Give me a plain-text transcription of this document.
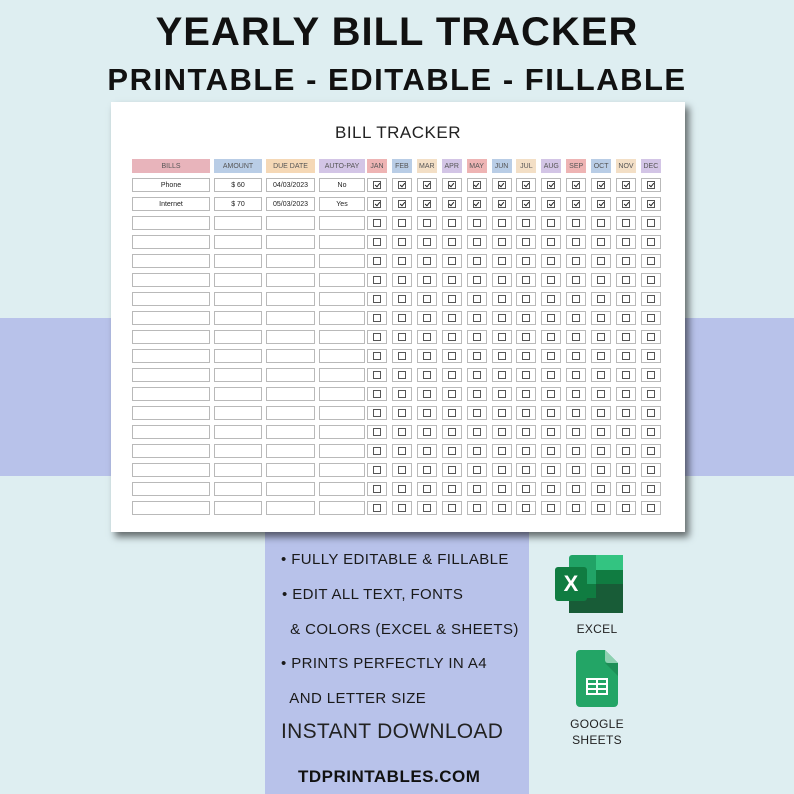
YEARLY BILL TRACKER
PRINTABLE - EDITABLE - FILLABLE
BILL TRACKER
BILLS	AMOUNT	DUE DATE	AUTO-PAY	JAN	FEB	MAR	APR	MAY	JUN	JUL	AUG	SEP	OCT	NOV	DEC
Phone	$ 60	04/03/2023	No
Internet	$ 70	05/03/2023	Yes
• FULLY EDITABLE & FILLABLE
• EDIT ALL TEXT, FONTS
& COLORS (EXCEL & SHEETS)
• PRINTS PERFECTLY IN A4
AND LETTER SIZE
INSTANT DOWNLOAD
TDPRINTABLES.COM
X
EXCEL
GOOGLE
SHEETS
